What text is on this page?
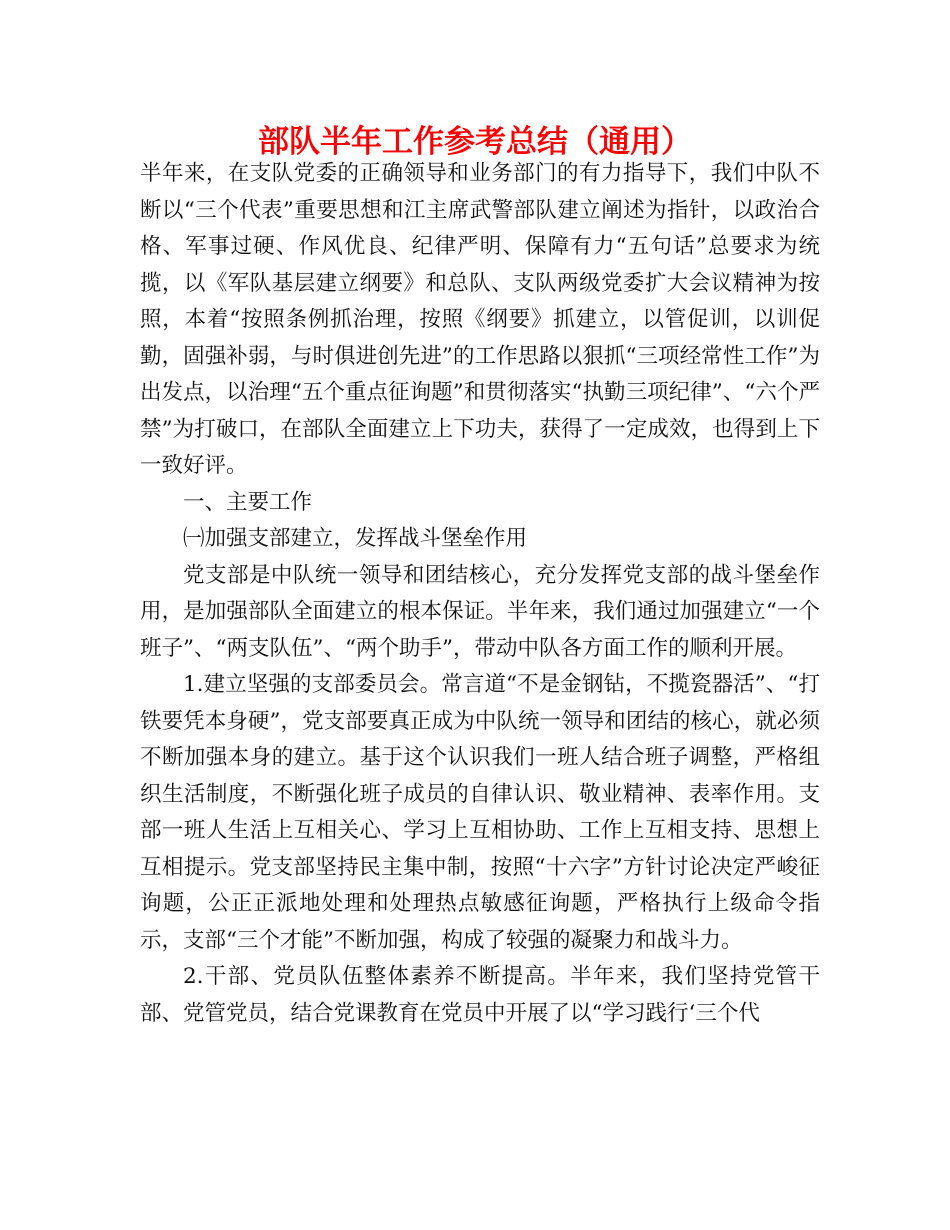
部队半年工作参考总结（通用）

半年来，在支队党委的正确领导和业务部门的有力指导下，我们中队不断以“三个代表”重要思想和江主席武警部队建立阐述为指针，以政治合格、军事过硬、作风优良、纪律严明、保障有力“五句话”总要求为统揽，以《军队基层建立纲要》和总队、支队两级党委扩大会议精神为按照，本着“按照条例抓治理，按照《纲要》抓建立，以管促训，以训促勤，固强补弱，与时俱进创先进”的工作思路以狠抓“三项经常性工作”为出发点，以治理“五个重点征询题”和贯彻落实“执勤三项纪律”、“六个严禁”为打破口，在部队全面建立上下功夫，获得了一定成效，也得到上下一致好评。

一、主要工作

㈠加强支部建立，发挥战斗堡垒作用

党支部是中队统一领导和团结核心，充分发挥党支部的战斗堡垒作用，是加强部队全面建立的根本保证。半年来，我们通过加强建立“一个班子”、“两支队伍”、“两个助手”，带动中队各方面工作的顺利开展。

1.建立坚强的支部委员会。常言道“不是金钢钻，不揽瓷器活”、“打铁要凭本身硬”，党支部要真正成为中队统一领导和团结的核心，就必须不断加强本身的建立。基于这个认识我们一班人结合班子调整，严格组织生活制度，不断强化班子成员的自律认识、敬业精神、表率作用。支部一班人生活上互相关心、学习上互相协助、工作上互相支持、思想上互相提示。党支部坚持民主集中制，按照“十六字”方针讨论决定严峻征询题，公正正派地处理和处理热点敏感征询题，严格执行上级命令指示，支部“三个才能”不断加强，构成了较强的凝聚力和战斗力。

2.干部、党员队伍整体素养不断提高。半年来，我们坚持党管干部、党管党员，结合党课教育在党员中开展了以“学习践行‘三个代
